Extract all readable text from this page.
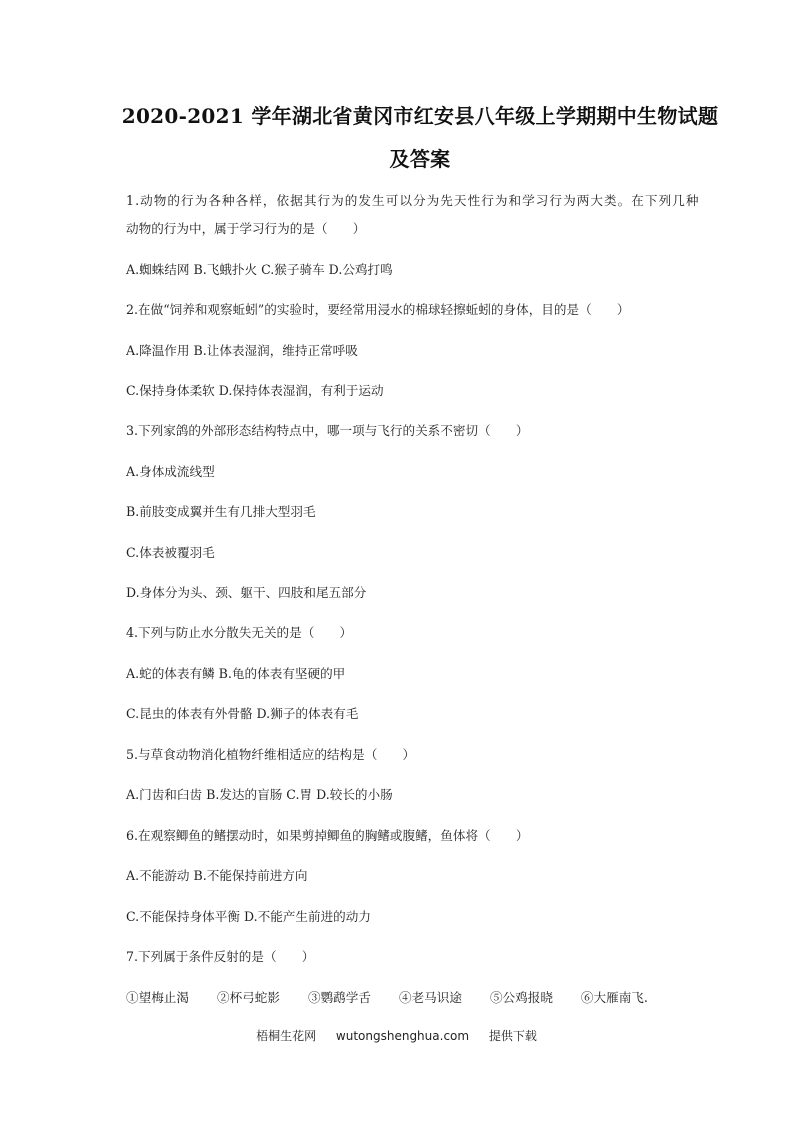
2020-2021 学年湖北省黄冈市红安县八年级上学期期中生物试题
及答案
1.动物的行为各种各样，依据其行为的发生可以分为先天性行为和学习行为两大类。在下列几种
动物的行为中，属于学习行为的是（　　）
A.蜘蛛结网 B.飞蛾扑火 C.猴子骑车 D.公鸡打鸣
2.在做“饲养和观察蚯蚓”的实验时，要经常用浸水的棉球轻擦蚯蚓的身体，目的是（　　）
A.降温作用 B.让体表湿润，维持正常呼吸
C.保持身体柔软 D.保持体表湿润，有利于运动
3.下列家鸽的外部形态结构特点中，哪一项与飞行的关系不密切（　　）
A.身体成流线型
B.前肢变成翼并生有几排大型羽毛
C.体表被覆羽毛
D.身体分为头、颈、躯干、四肢和尾五部分
4.下列与防止水分散失无关的是（　　）
A.蛇的体表有鳞 B.龟的体表有坚硬的甲
C.昆虫的体表有外骨骼 D.狮子的体表有毛
5.与草食动物消化植物纤维相适应的结构是（　　）
A.门齿和臼齿 B.发达的盲肠 C.胃 D.较长的小肠
6.在观察鲫鱼的鳍摆动时，如果剪掉鲫鱼的胸鳍或腹鳍，鱼体将（　　）
A.不能游动 B.不能保持前进方向
C.不能保持身体平衡 D.不能产生前进的动力
7.下列属于条件反射的是（　　）
①望梅止渴 ②杯弓蛇影 ③鹦鹉学舌 ④老马识途 ⑤公鸡报晓 ⑥大雁南飞.
梧桐生花网 wutongshenghua.com 提供下载
